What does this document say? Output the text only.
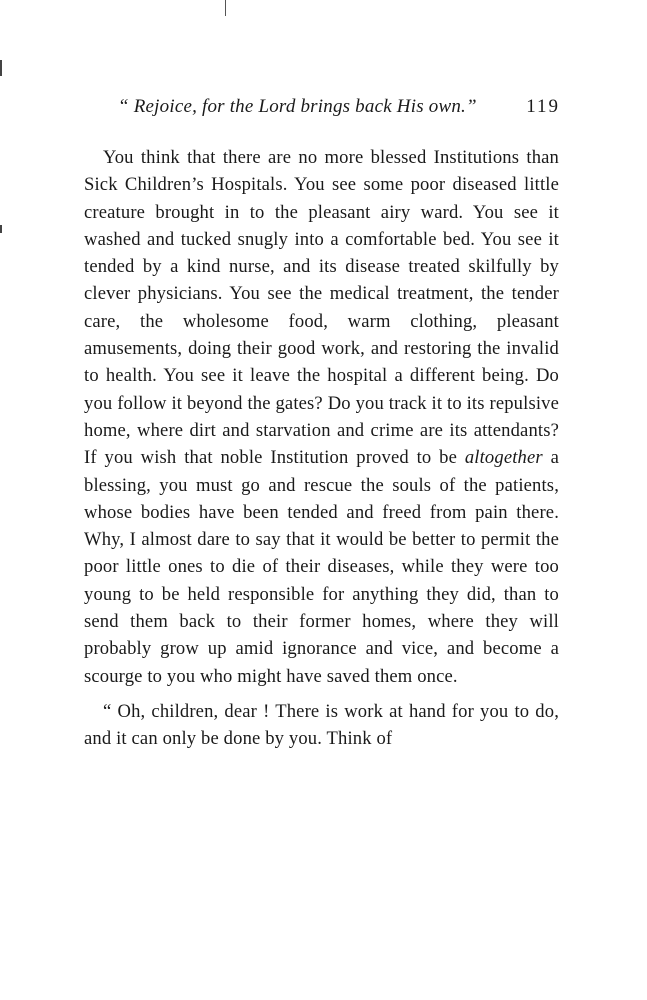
“ Rejoice, for the Lord brings back His own.”	119

You think that there are no more blessed Institutions than Sick Children’s Hospitals. You see some poor diseased little creature brought in to the pleasant airy ward. You see it washed and tucked snugly into a comfortable bed. You see it tended by a kind nurse, and its disease treated skilfully by clever physicians. You see the medical treatment, the tender care, the wholesome food, warm clothing, pleasant amusements, doing their good work, and restoring the invalid to health. You see it leave the hospital a different being. Do you follow it beyond the gates? Do you track it to its repulsive home, where dirt and starvation and crime are its attendants? If you wish that noble Institution proved to be altogether a blessing, you must go and rescue the souls of the patients, whose bodies have been tended and freed from pain there. Why, I almost dare to say that it would be better to permit the poor little ones to die of their diseases, while they were too young to be held responsible for anything they did, than to send them back to their former homes, where they will probably grow up amid ignorance and vice, and become a scourge to you who might have saved them once.

“ Oh, children, dear ! There is work at hand for you to do, and it can only be done by you. Think of
